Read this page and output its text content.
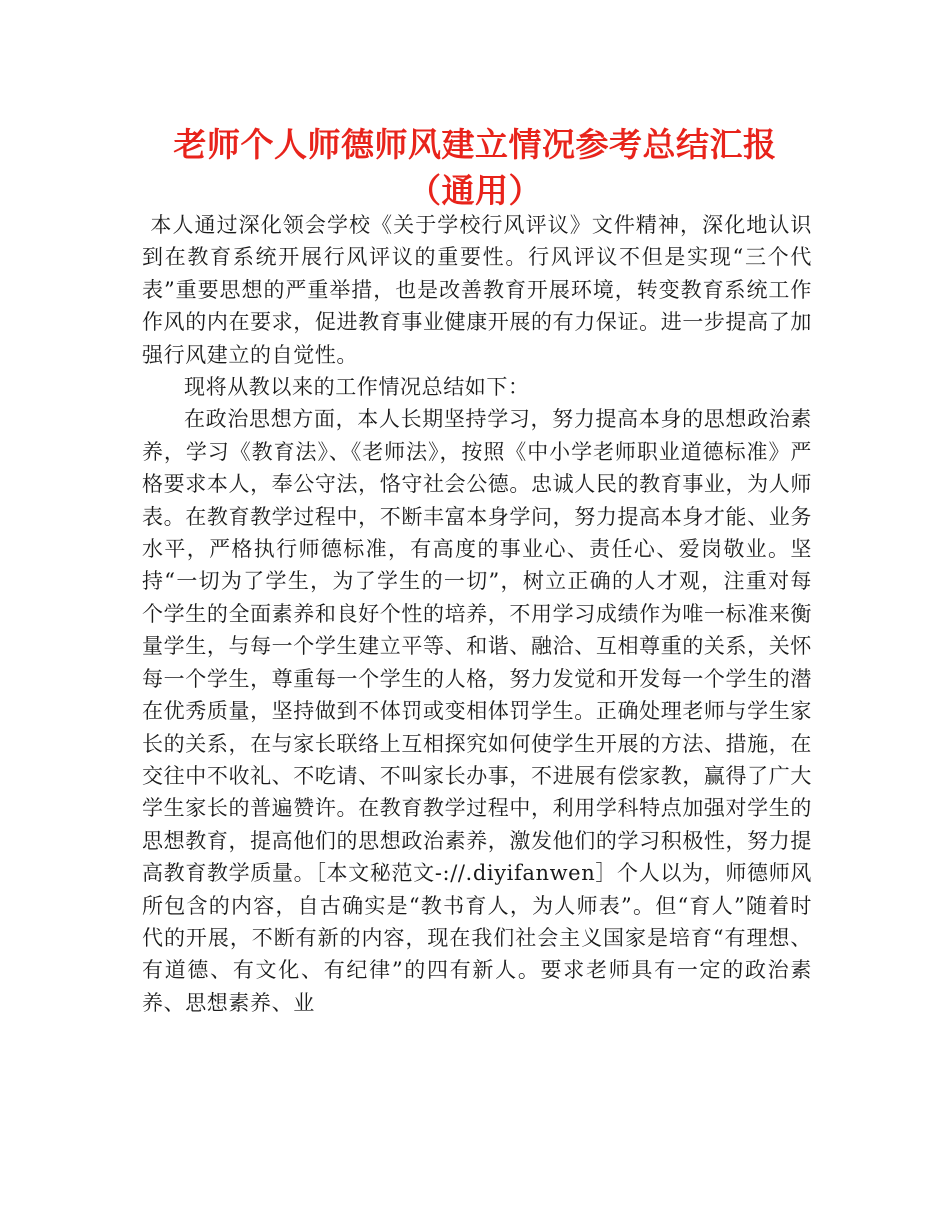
老师个人师德师风建立情况参考总结汇报（通用）

本人通过深化领会学校《关于学校行风评议》文件精神，深化地认识到在教育系统开展行风评议的重要性。行风评议不但是实现“三个代表”重要思想的严重举措，也是改善教育开展环境，转变教育系统工作作风的内在要求，促进教育事业健康开展的有力保证。进一步提高了加强行风建立的自觉性。

现将从教以来的工作情况总结如下：

在政治思想方面，本人长期坚持学习，努力提高本身的思想政治素养，学习《教育法》、《老师法》，按照《中小学老师职业道德标准》严格要求本人，奉公守法，恪守社会公德。忠诚人民的教育事业，为人师表。在教育教学过程中，不断丰富本身学问，努力提高本身才能、业务水平，严格执行师德标准，有高度的事业心、责任心、爱岗敬业。坚持“一切为了学生，为了学生的一切”，树立正确的人才观，注重对每个学生的全面素养和良好个性的培养，不用学习成绩作为唯一标准来衡量学生，与每一个学生建立平等、和谐、融洽、互相尊重的关系，关怀每一个学生，尊重每一个学生的人格，努力发觉和开发每一个学生的潜在优秀质量，坚持做到不体罚或变相体罚学生。正确处理老师与学生家长的关系，在与家长联络上互相探究如何使学生开展的方法、措施，在交往中不收礼、不吃请、不叫家长办事，不进展有偿家教，赢得了广大学生家长的普遍赞许。在教育教学过程中，利用学科特点加强对学生的思想教育，提高他们的思想政治素养，激发他们的学习积极性，努力提高教育教学质量。［本文秘范文-://.diyifanwen］个人以为，师德师风所包含的内容，自古确实是“教书育人，为人师表”。但“育人”随着时代的开展，不断有新的内容，现在我们社会主义国家是培育“有理想、有道德、有文化、有纪律”的四有新人。要求老师具有一定的政治素养、思想素养、业
